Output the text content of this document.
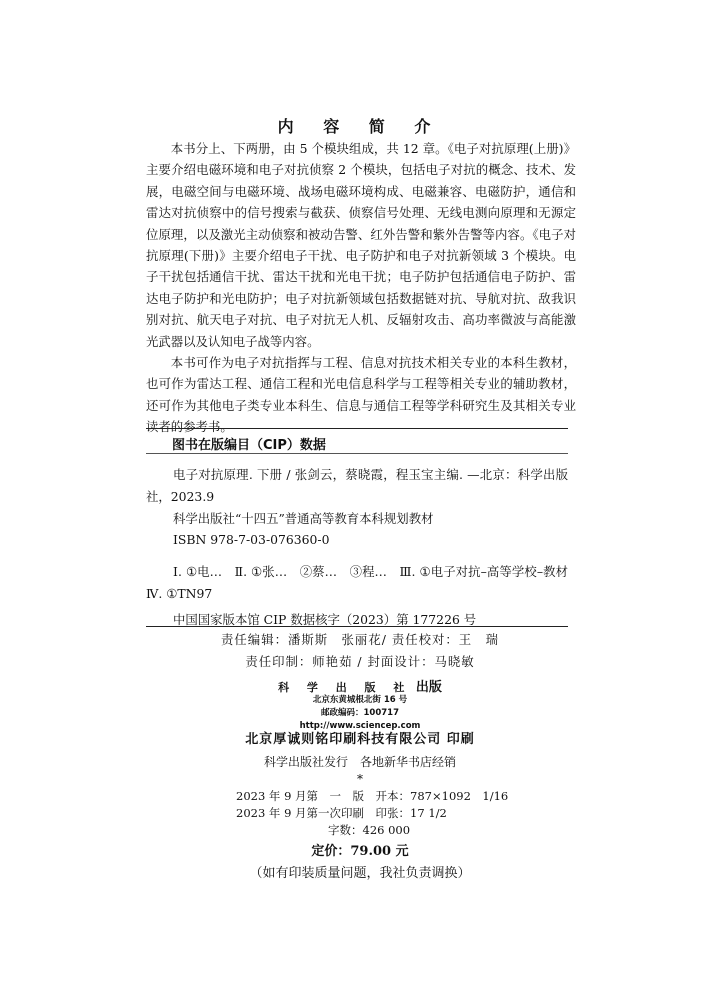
内 容 简 介

本书分上、下两册，由 5 个模块组成，共 12 章。《电子对抗原理(上册)》主要介绍电磁环境和电子对抗侦察 2 个模块，包括电子对抗的概念、技术、发展，电磁空间与电磁环境、战场电磁环境构成、电磁兼容、电磁防护，通信和雷达对抗侦察中的信号搜索与截获、侦察信号处理、无线电测向原理和无源定位原理，以及激光主动侦察和被动告警、红外告警和紫外告警等内容。《电子对抗原理(下册)》主要介绍电子干扰、电子防护和电子对抗新领域 3 个模块。电子干扰包括通信干扰、雷达干扰和光电干扰；电子防护包括通信电子防护、雷达电子防护和光电防护；电子对抗新领域包括数据链对抗、导航对抗、敌我识别对抗、航天电子对抗、电子对抗无人机、反辐射攻击、高功率微波与高能激光武器以及认知电子战等内容。

本书可作为电子对抗指挥与工程、信息对抗技术相关专业的本科生教材，也可作为雷达工程、通信工程和光电信息科学与工程等相关专业的辅助教材，还可作为其他电子类专业本科生、信息与通信工程等学科研究生及其相关专业读者的参考书。

图书在版编目（CIP）数据

电子对抗原理. 下册 / 张剑云，蔡晓霞，程玉宝主编. —北京：科学出版社，2023.9

科学出版社“十四五”普通高等教育本科规划教材

ISBN 978-7-03-076360-0

Ⅰ. ①电…　Ⅱ. ①张…　②蔡…　③程…　Ⅲ. ①电子对抗–高等学校–教材　Ⅳ. ①TN97

中国国家版本馆 CIP 数据核字（2023）第 177226 号
责任编辑：潘斯斯　张丽花/ 责任校对：王　瑞
责任印制：师艳茹 / 封面设计：马晓敏
科 学 出 版 社 出版
北京东黄城根北街 16 号
邮政编码：100717
http://www.sciencep.com
北京厚诚则铭印刷科技有限公司 印刷
科学出版社发行　各地新华书店经销
*
2023 年 9 月第　一　版　开本：787×1092　1/16
2023 年 9 月第一次印刷　印张：17 1/2
字数：426 000
定价：79.00 元
（如有印装质量问题，我社负责调换）
